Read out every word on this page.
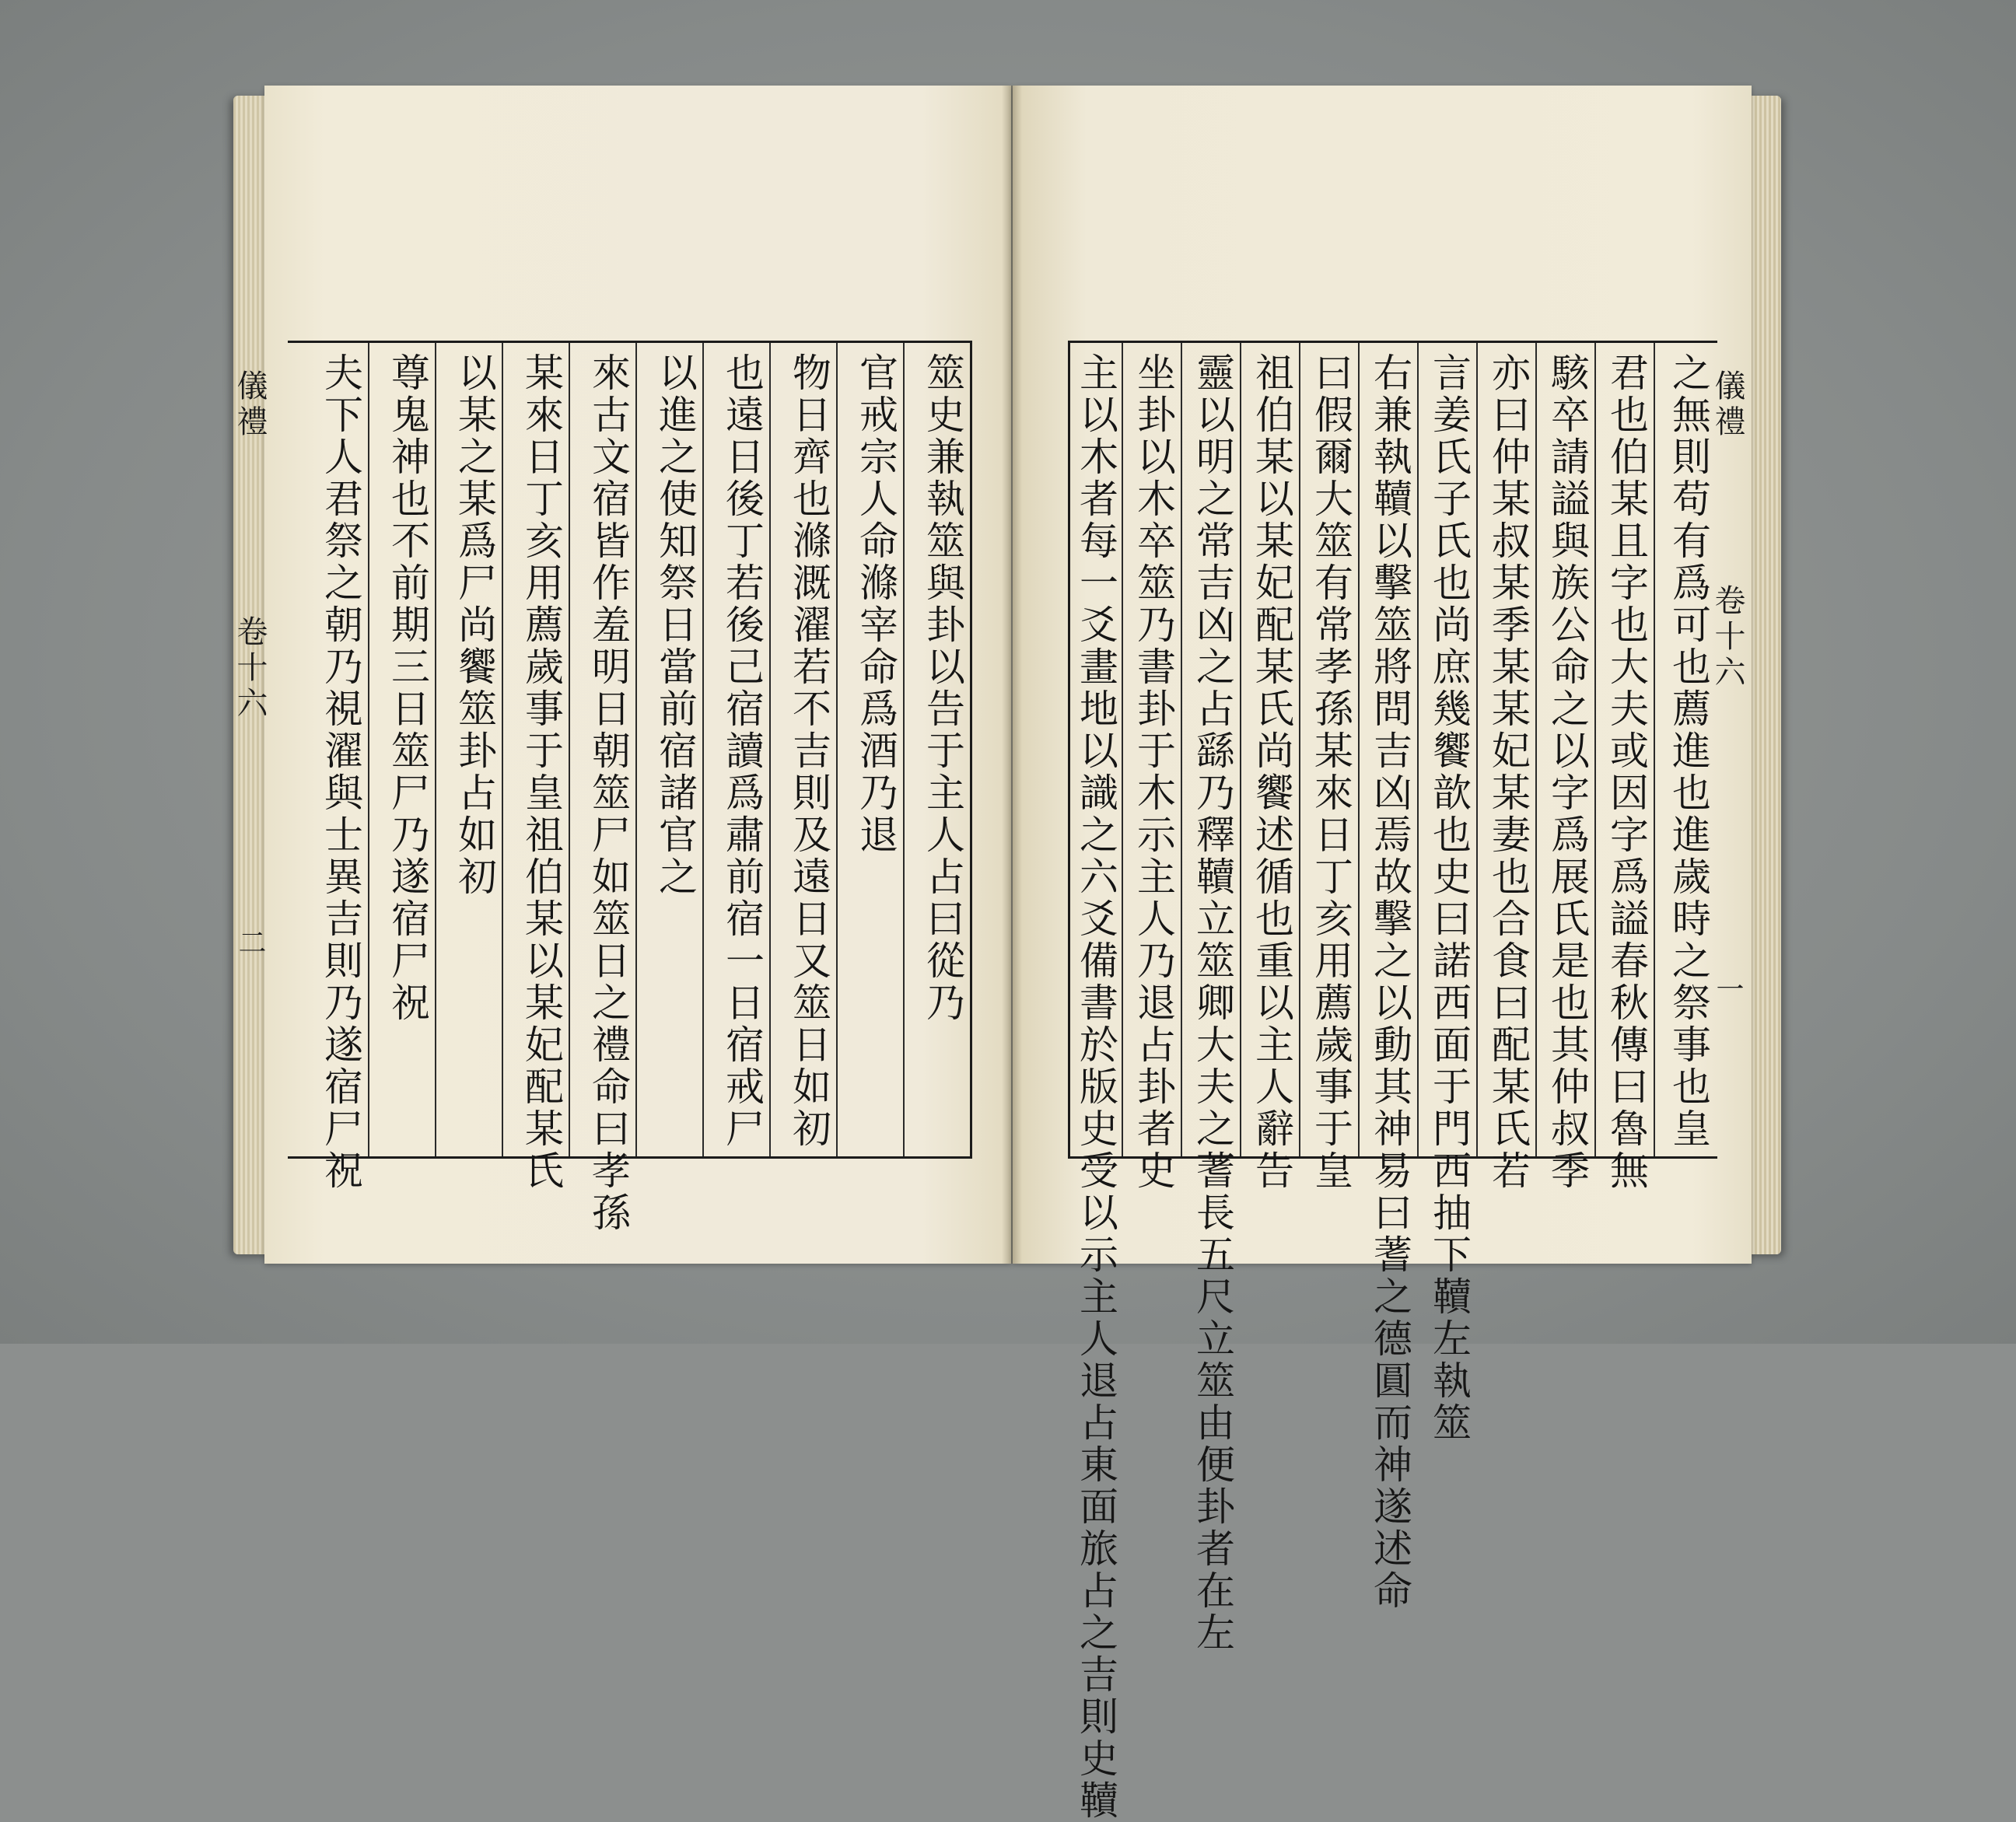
儀禮  卷十六  二
儀禮  卷十六  一
筮史兼執筮與卦以告于主人占曰從乃
官戒宗人命滌宰命爲酒乃退
物日齊也滌溉濯若不吉則及遠日又筮日如初
也遠日後丁若後己宿讀爲肅前宿一日宿戒尸
以進之使知祭日當前宿諸官之
來古文宿皆作羞明日朝筮尸如筮日之禮命曰孝孫
某來日丁亥用薦歲事于皇祖伯某以某妃配某氏
以某之某爲尸尚饗筮卦占如初
尊鬼神也不前期三日筮尸乃遂宿尸祝
夫下人君祭之朝乃視濯與士異吉則乃遂宿尸祝	之無則苟有爲可也薦進也進歲時之祭事也皇
君也伯某且字也大夫或因字爲謚春秋傳曰魯無
駭卒請謚與族公命之以字爲展氏是也其仲叔季
亦曰仲某叔某季某某妃某妻也合食曰配某氏若
言姜氏子氏也尚庶幾饗歆也史曰諾西面于門西抽下韇左執筮
右兼執韇以擊筮將問吉凶焉故擊之以動其神易曰蓍之德圓而神遂述命
曰假爾大筮有常孝孫某來日丁亥用薦歲事于皇
祖伯某以某妃配某氏尚饗述循也重以主人辭告
靈以明之常吉凶之占繇乃釋韇立筮卿大夫之蓍長五尺立筮由便卦者在左
坐卦以木卒筮乃書卦于木示主人乃退占卦者史
主以木者每一爻畫地以識之六爻備書於版史受以示主人退占東面旅占之吉則史韇
